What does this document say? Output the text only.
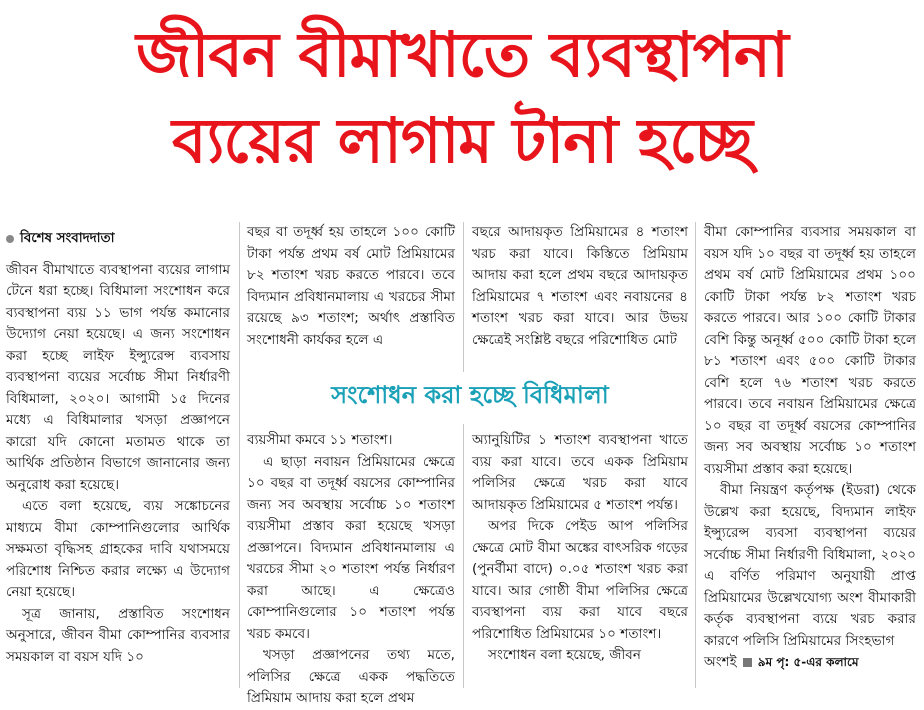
জীবন বীমাখাতে ব্যবস্থাপনা
ব্যয়ের লাগাম টানা হচ্ছে
বিশেষ সংবাদদাতা

জীবন বীমাখাতে ব্যবস্থাপনা ব্যয়ের লাগাম টেনে ধরা হচ্ছে। বিধিমালা সংশোধন করে ব্যবস্থাপনা ব্যয় ১১ ভাগ পর্যন্ত কমানোর উদ্যোগ নেয়া হয়েছে। এ জন্য সংশোধন করা হচ্ছে লাইফ ইন্স্যুরেন্স ব্যবসায় ব্যবস্থাপনা ব্যয়ের সর্বোচ্চ সীমা নির্ধারণী বিধিমালা, ২০২০। আগামী ১৫ দিনের মধ্যে এ বিধিমালার খসড়া প্রজ্ঞাপনে কারো যদি কোনো মতামত থাকে তা আর্থিক প্রতিষ্ঠান বিভাগে জানানোর জন্য অনুরোধ করা হয়েছে।

এতে বলা হয়েছে, ব্যয় সঙ্কোচনের মাধ্যমে বীমা কোম্পানিগুলোর আর্থিক সক্ষমতা বৃদ্ধিসহ গ্রাহকের দাবি যথাসময়ে পরিশোধ নিশ্চিত করার লক্ষ্যে এ উদ্যোগ নেয়া হয়েছে।

সূত্র জানায়, প্রস্তাবিত সংশোধন অনুসারে, জীবন বীমা কোম্পানির ব্যবসার সময়কাল বা বয়স যদি ১০

বছর বা তদূর্ধ্ব হয় তাহলে ১০০ কোটি টাকা পর্যন্ত প্রথম বর্ষ মোট প্রিমিয়ামের ৮২ শতাংশ খরচ করতে পারবে। তবে বিদ্যমান প্রবিধানমালায় এ খরচের সীমা রয়েছে ৯৩ শতাংশ; অর্থাৎ প্রস্তাবিত সংশোধনী কার্যকর হলে এ

বছরে আদায়কৃত প্রিমিয়ামের ৪ শতাংশ খরচ করা যাবে। কিস্তিতে প্রিমিয়াম আদায় করা হলে প্রথম বছরে আদায়কৃত প্রিমিয়ামের ৭ শতাংশ এবং নবায়নের ৪ শতাংশ খরচ করা যাবে। আর উভয় ক্ষেত্রেই সংশ্লিষ্ট বছরে পরিশোধিত মোট

সংশোধন করা হচ্ছে বিধিমালা

ব্যয়সীমা কমবে ১১ শতাংশ।

এ ছাড়া নবায়ন প্রিমিয়ামের ক্ষেত্রে ১০ বছর বা তদূর্ধ্ব বয়সের কোম্পানির জন্য সব অবস্থায় সর্বোচ্চ ১০ শতাংশ ব্যয়সীমা প্রস্তাব করা হয়েছে খসড়া প্রজ্ঞাপনে। বিদ্যমান প্রবিধানমালায় এ খরচের সীমা ২০ শতাংশ পর্যন্ত নির্ধারণ করা আছে। এ ক্ষেত্রেও কোম্পানিগুলোর ১০ শতাংশ পর্যন্ত খরচ কমবে।

খসড়া প্রজ্ঞাপনের তথ্য মতে, পলিসির ক্ষেত্রে একক পদ্ধতিতে প্রিমিয়াম আদায় করা হলে প্রথম

অ্যানুয়িটির ১ শতাংশ ব্যবস্থাপনা খাতে ব্যয় করা যাবে। তবে একক প্রিমিয়াম পলিসির ক্ষেত্রে খরচ করা যাবে আদায়কৃত প্রিমিয়ামের ৫ শতাংশ পর্যন্ত।

অপর দিকে পেইড আপ পলিসির ক্ষেত্রে মোট বীমা অঙ্কের বাৎসরিক গড়ের (পুনর্বীমা বাদে) ০.০৫ শতাংশ খরচ করা যাবে। আর গোষ্ঠী বীমা পলিসির ক্ষেত্রে ব্যবস্থাপনা ব্যয় করা যাবে বছরে পরিশোধিত প্রিমিয়ামের ১০ শতাংশ।

সংশোধন বলা হয়েছে, জীবন

বীমা কোম্পানির ব্যবসার সময়কাল বা বয়স যদি ১০ বছর বা তদূর্ধ্ব হয় তাহলে প্রথম বর্ষ মোট প্রিমিয়ামের প্রথম ১০০ কোটি টাকা পর্যন্ত ৮২ শতাংশ খরচ করতে পারবে। আর ১০০ কোটি টাকার বেশি কিন্তু অনূর্ধ্ব ৫০০ কোটি টাকা হলে ৮১ শতাংশ এবং ৫০০ কোটি টাকার বেশি হলে ৭৬ শতাংশ খরচ করতে পারবে। তবে নবায়ন প্রিমিয়ামের ক্ষেত্রে ১০ বছর বা তদূর্ধ্ব বয়সের কোম্পানির জন্য সব অবস্থায় সর্বোচ্চ ১০ শতাংশ ব্যয়সীমা প্রস্তাব করা হয়েছে।

বীমা নিয়ন্ত্রণ কর্তৃপক্ষ (ইডরা) থেকে উল্লেখ করা হয়েছে, বিদ্যমান লাইফ ইন্স্যুরেন্স ব্যবসা ব্যবস্থাপনা ব্যয়ের সর্বোচ্চ সীমা নির্ধারণী বিধিমালা, ২০২০ এ বর্ণিত পরিমাণ অনুযায়ী প্রাপ্ত প্রিমিয়ামের উল্লেখযোগ্য অংশ বীমাকারী কর্তৃক ব্যবস্থাপনা ব্যয়ে খরচ করার কারণে পলিসি প্রিমিয়ামের সিংহভাগ

অংশই ৯ম পৃ: ৫-এর কলামে
